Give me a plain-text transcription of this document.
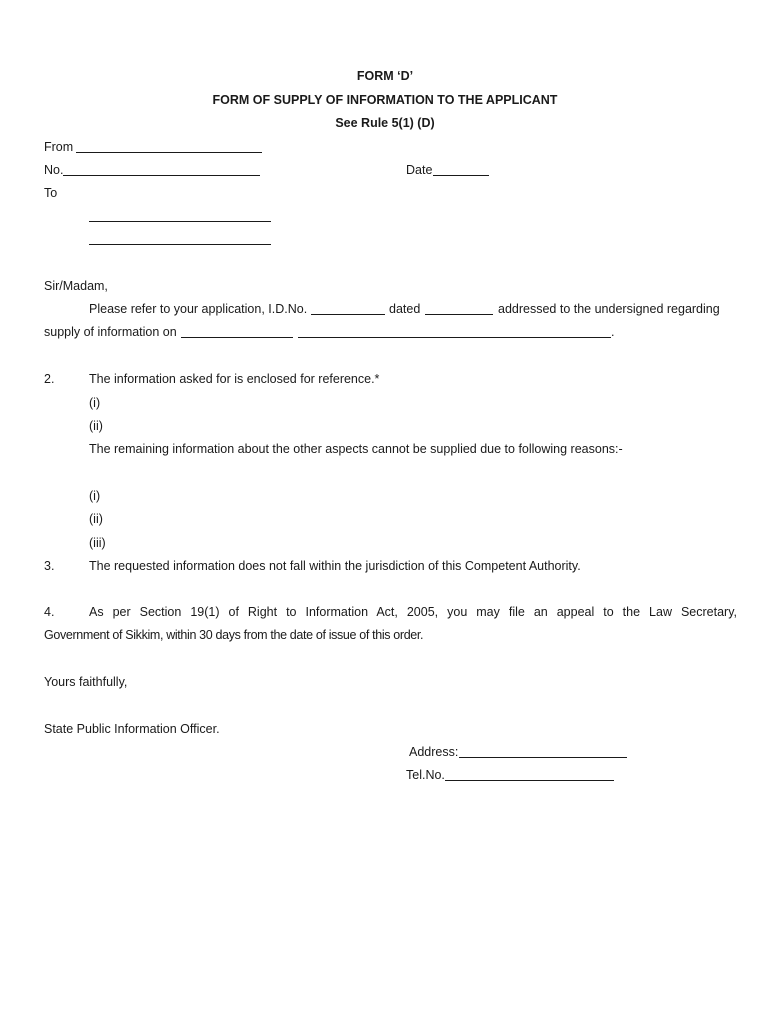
FORM ‘D’
FORM OF SUPPLY OF INFORMATION TO THE APPLICANT
See Rule 5(1) (D)
From
No.	Date
To
Sir/Madam,
Please refer to your application, I.D.No.	dated	addressed to the undersigned regarding
supply of information on	.
2.	The information asked for is enclosed for reference.*
(i)
(ii)
The remaining information about the other aspects cannot be supplied due to following reasons:-
(i)
(ii)
(iii)
3.	The requested information does not fall within the jurisdiction of this Competent Authority.
4.	As per Section 19(1) of Right to Information Act, 2005, you may file an appeal to the Law Secretary,
Government of Sikkim, within 30 days from the date of issue of this order.
Yours faithfully,
State Public Information Officer.
Address:
Tel.No.
